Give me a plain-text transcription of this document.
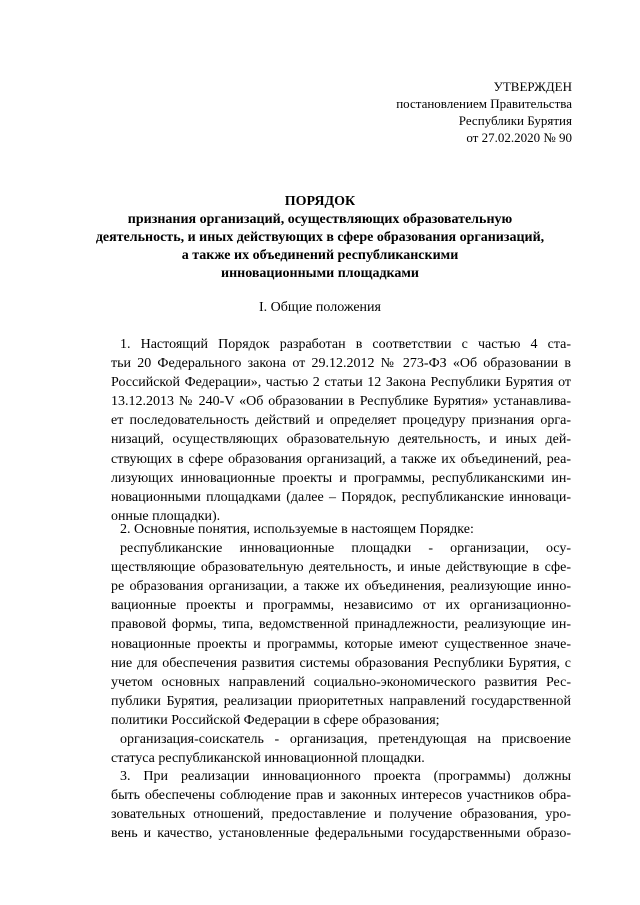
УТВЕРЖДЕН
постановлением Правительства
Республики Бурятия
от 27.02.2020 № 90
ПОРЯДОК
признания организаций, осуществляющих образовательную
деятельность, и иных действующих в сфере образования организаций,
а также их объединений республиканскими
инновационными площадками
I. Общие положения
1. Настоящий Порядок разработан в соответствии с частью 4 ста-
тьи 20 Федерального закона от 29.12.2012 № 273-ФЗ «Об образовании в
Российской Федерации», частью 2 статьи 12 Закона Республики Бурятия от
13.12.2013 № 240-V «Об образовании в Республике Бурятия» устанавлива-
ет последовательность действий и определяет процедуру признания орга-
низаций, осуществляющих образовательную деятельность, и иных дей-
ствующих в сфере образования организаций, а также их объединений, реа-
лизующих инновационные проекты и программы, республиканскими ин-
новационными площадками (далее – Порядок, республиканские инноваци-
онные площадки).
2. Основные понятия, используемые в настоящем Порядке:
республиканские инновационные площадки - организации, осу-
ществляющие образовательную деятельность, и иные действующие в сфе-
ре образования организации, а также их объединения, реализующие инно-
вационные проекты и программы, независимо от их организационно-
правовой формы, типа, ведомственной принадлежности, реализующие ин-
новационные проекты и программы, которые имеют существенное значе-
ние для обеспечения развития системы образования Республики Бурятия, с
учетом основных направлений социально-экономического развития Рес-
публики Бурятия, реализации приоритетных направлений государственной
политики Российской Федерации в сфере образования;
организация-соискатель - организация, претендующая на присвоение
статуса республиканской инновационной площадки.
3. При реализации инновационного проекта (программы) должны
быть обеспечены соблюдение прав и законных интересов участников обра-
зовательных отношений, предоставление и получение образования, уро-
вень и качество, установленные федеральными государственными образо-
